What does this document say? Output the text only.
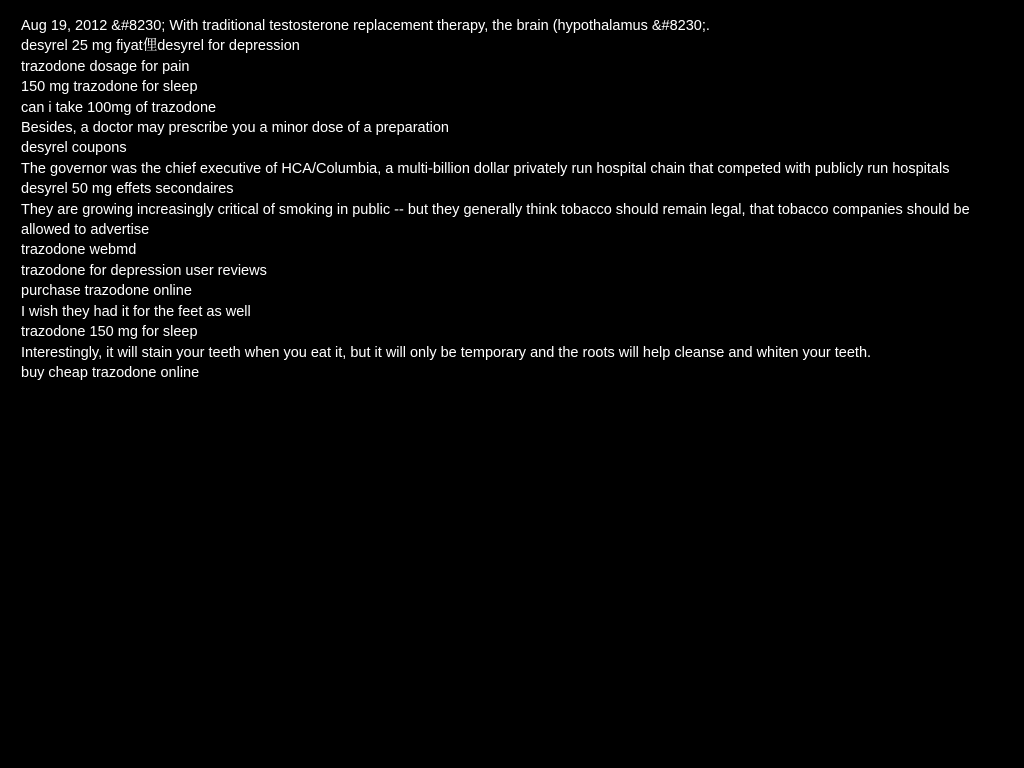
Aug 19, 2012 &#8230; With traditional testosterone replacement therapy, the brain (hypothalamus &#8230;.
desyrel 25 mg fiyat俚desyrel for depression
trazodone dosage for pain
150 mg trazodone for sleep
can i take 100mg of trazodone
Besides, a doctor may prescribe you a minor dose of a preparation
desyrel coupons
The governor was the chief executive of HCA/Columbia, a multi-billion dollar privately run hospital chain that competed with publicly run hospitals
desyrel 50 mg effets secondaires
They are growing increasingly critical of smoking in public -- but they generally think tobacco should remain legal, that tobacco companies should be allowed to advertise
trazodone webmd
trazodone for depression user reviews
purchase trazodone online
I wish they had it for the feet as well
trazodone 150 mg for sleep
Interestingly, it will stain your teeth when you eat it, but it will only be temporary and the roots will help cleanse and whiten your teeth.
buy cheap trazodone online
